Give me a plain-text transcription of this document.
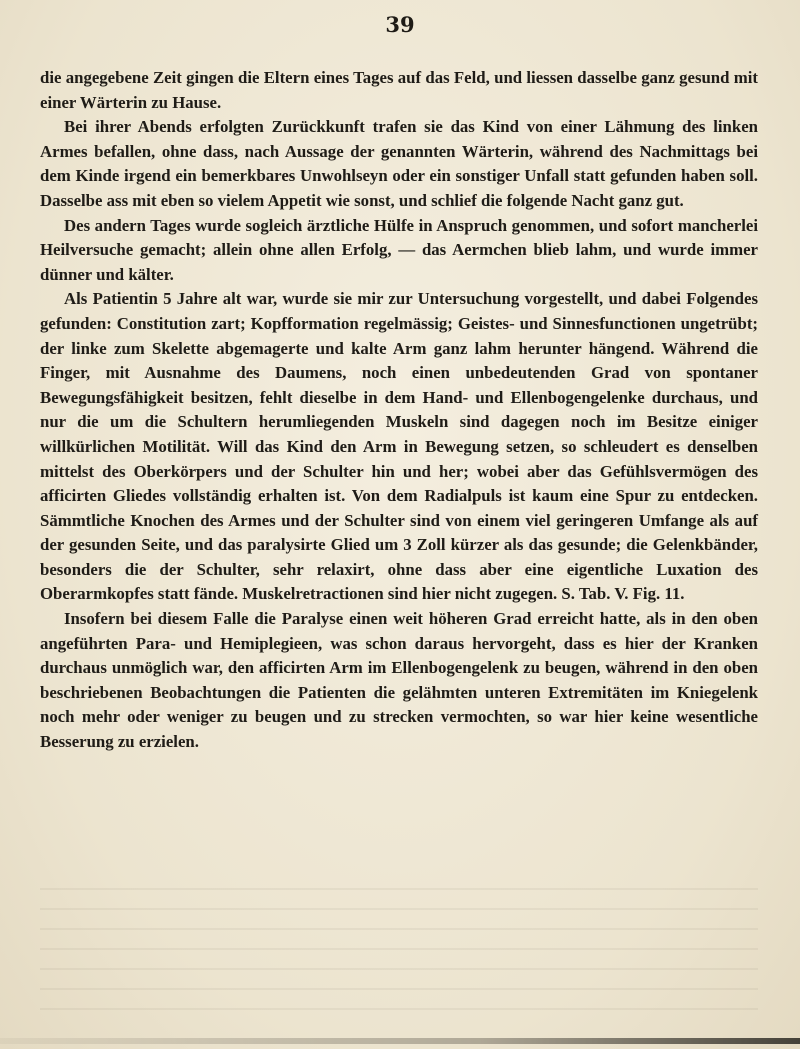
39

die angegebene Zeit gingen die Eltern eines Tages auf das Feld, und liessen dasselbe ganz gesund mit einer Wärterin zu Hause.

Bei ihrer Abends erfolgten Zurückkunft trafen sie das Kind von einer Lähmung des linken Armes befallen, ohne dass, nach Aussage der genannten Wärterin, während des Nachmittags bei dem Kinde irgend ein bemerkbares Unwohlseyn oder ein sonstiger Unfall statt gefunden haben soll. Dasselbe ass mit eben so vielem Appetit wie sonst, und schlief die folgende Nacht ganz gut.

Des andern Tages wurde sogleich ärztliche Hülfe in Anspruch genommen, und sofort mancherlei Heilversuche gemacht; allein ohne allen Erfolg, — das Aermchen blieb lahm, und wurde immer dünner und kälter.

Als Patientin 5 Jahre alt war, wurde sie mir zur Untersuchung vorgestellt, und dabei Folgendes gefunden: Constitution zart; Kopfformation regelmässig; Geistes- und Sinnesfunctionen ungetrübt; der linke zum Skelette abgemagerte und kalte Arm ganz lahm herunter hängend. Während die Finger, mit Ausnahme des Daumens, noch einen unbedeutenden Grad von spontaner Bewegungsfähigkeit besitzen, fehlt dieselbe in dem Hand- und Ellenbogengelenke durchaus, und nur die um die Schultern herumliegenden Muskeln sind dagegen noch im Besitze einiger willkürlichen Motilität. Will das Kind den Arm in Bewegung setzen, so schleudert es denselben mittelst des Oberkörpers und der Schulter hin und her; wobei aber das Gefühlsvermögen des afficirten Gliedes vollständig erhalten ist. Von dem Radialpuls ist kaum eine Spur zu entdecken. Sämmtliche Knochen des Armes und der Schulter sind von einem viel geringeren Umfange als auf der gesunden Seite, und das paralysirte Glied um 3 Zoll kürzer als das gesunde; die Gelenkbänder, besonders die der Schulter, sehr relaxirt, ohne dass aber eine eigentliche Luxation des Oberarmkopfes statt fände. Muskelretractionen sind hier nicht zugegen. S. Tab. V. Fig. 11.

Insofern bei diesem Falle die Paralyse einen weit höheren Grad erreicht hatte, als in den oben angeführten Para- und Hemiplegieen, was schon daraus hervorgeht, dass es hier der Kranken durchaus unmöglich war, den afficirten Arm im Ellenbogengelenk zu beugen, während in den oben beschriebenen Beobachtungen die Patienten die gelähmten unteren Extremitäten im Kniegelenk noch mehr oder weniger zu beugen und zu strecken vermochten, so war hier keine wesentliche Besserung zu erzielen.
